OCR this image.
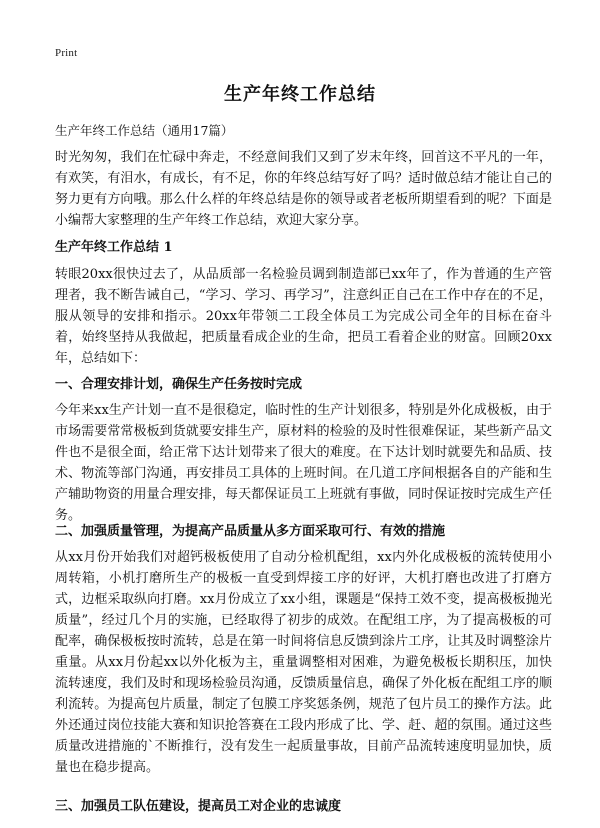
Print
生产年终工作总结
生产年终工作总结（通用17篇）
时光匆匆，我们在忙碌中奔走，不经意间我们又到了岁末年终，回首这不平凡的一年，有欢笑，有泪水，有成长，有不足，你的年终总结写好了吗？适时做总结才能让自己的努力更有方向哦。那么什么样的年终总结是你的领导或者老板所期望看到的呢？下面是小编帮大家整理的生产年终工作总结，欢迎大家分享。
生产年终工作总结 1
转眼20xx很快过去了，从品质部一名检验员调到制造部已xx年了，作为普通的生产管理者，我不断告诫自己，“学习、学习、再学习”，注意纠正自己在工作中存在的不足，服从领导的安排和指示。20xx年带领二工段全体员工为完成公司全年的目标在奋斗着，始终坚持从我做起，把质量看成企业的生命，把员工看着企业的财富。回顾20xx年，总结如下：
一、合理安排计划，确保生产任务按时完成
今年来xx生产计划一直不是很稳定，临时性的生产计划很多，特别是外化成极板，由于市场需要常常极板到货就要安排生产，原材料的检验的及时性很难保证，某些新产品文件也不是很全面，给正常下达计划带来了很大的难度。在下达计划时就要先和品质、技术、物流等部门沟通，再安排员工具体的上班时间。在几道工序间根据各自的产能和生产辅助物资的用量合理安排，每天都保证员工上班就有事做，同时保证按时完成生产任务。
二、加强质量管理，为提高产品质量从多方面采取可行、有效的措施
从xx月份开始我们对超钙极板使用了自动分检机配组，xx内外化成极板的流转使用小周转箱，小机打磨所生产的极板一直受到焊接工序的好评，大机打磨也改进了打磨方式，边框采取纵向打磨。xx月份成立了xx小组，课题是“保持工效不变，提高极板抛光质量”，经过几个月的实施，已经取得了初步的成效。在配组工序，为了提高极板的可配率，确保极板按时流转，总是在第一时间将信息反馈到涂片工序，让其及时调整涂片重量。从xx月份起xx以外化板为主，重量调整相对困难，为避免极板长期积压，加快流转速度，我们及时和现场检验员沟通，反馈质量信息，确保了外化板在配组工序的顺利流转。为提高包片质量，制定了包膜工序奖惩条例，规范了包片员工的操作方法。此外还通过岗位技能大赛和知识抢答赛在工段内形成了比、学、赶、超的氛围。通过这些质量改进措施的`不断推行，没有发生一起质量事故，目前产品流转速度明显加快，质量也在稳步提高。
三、加强员工队伍建设，提高员工对企业的忠诚度
